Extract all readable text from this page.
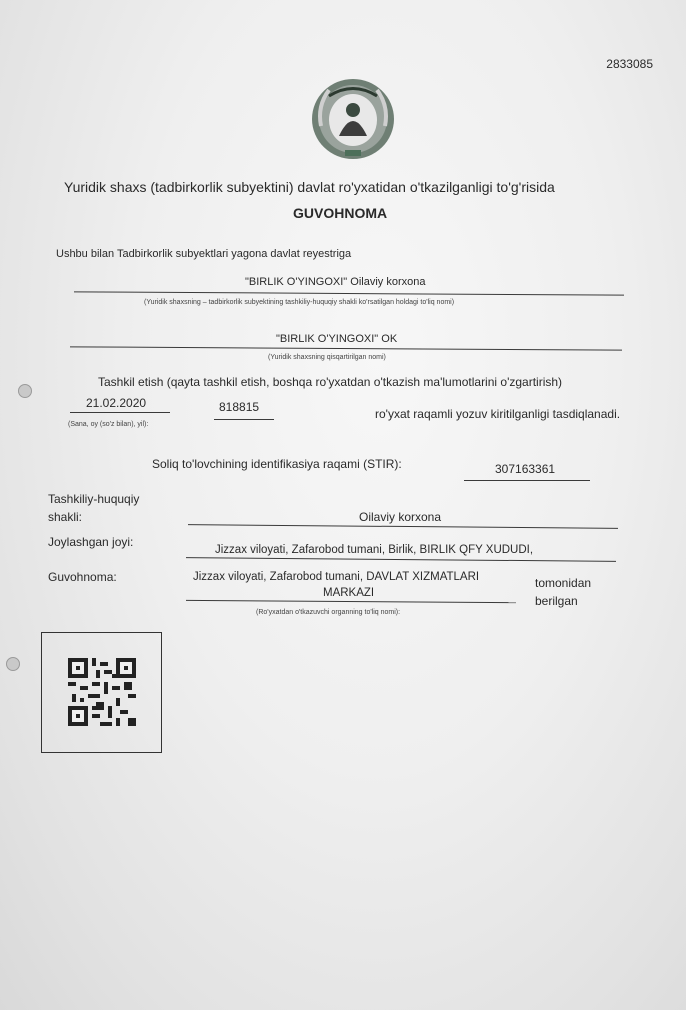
2833085
Yuridik shaxs (tadbirkorlik subyektini) davlat ro'yxatidan o'tkazilganligi to'g'risida
GUVOHNOMA
Ushbu bilan Tadbirkorlik subyektlari yagona davlat reyestriga
"BIRLIK O'YINGOXI" Oilaviy korxona
(Yuridik shaxsning – tadbirkorlik subyektining tashkiliy-huquqiy shakli ko'rsatilgan holdagi to'liq nomi)
"BIRLIK O'YINGOXI" OK
(Yuridik shaxsning qisqartirilgan nomi)
Tashkil etish (qayta tashkil etish, boshqa ro'yxatdan o'tkazish ma'lumotlarini o'zgartirish)
21.02.2020	818815	ro'yxat raqamli yozuv kiritilganligi tasdiqlanadi.
(Sana, oy (so'z bilan), yil):
Soliq to'lovchining identifikasiya raqami (STIR):	307163361
Tashkiliy-huquqiy
shakli:	Oilaviy korxona
Joylashgan joyi:
Jizzax viloyati, Zafarobod tumani, Birlik, BIRLIK QFY XUDUDI,
Guvohnoma:	Jizzax viloyati, Zafarobod tumani, DAVLAT XIZMATLARI
MARKAZI
tomonidan
berilgan
(Ro'yxatdan o'tkazuvchi organning to'liq nomi):
